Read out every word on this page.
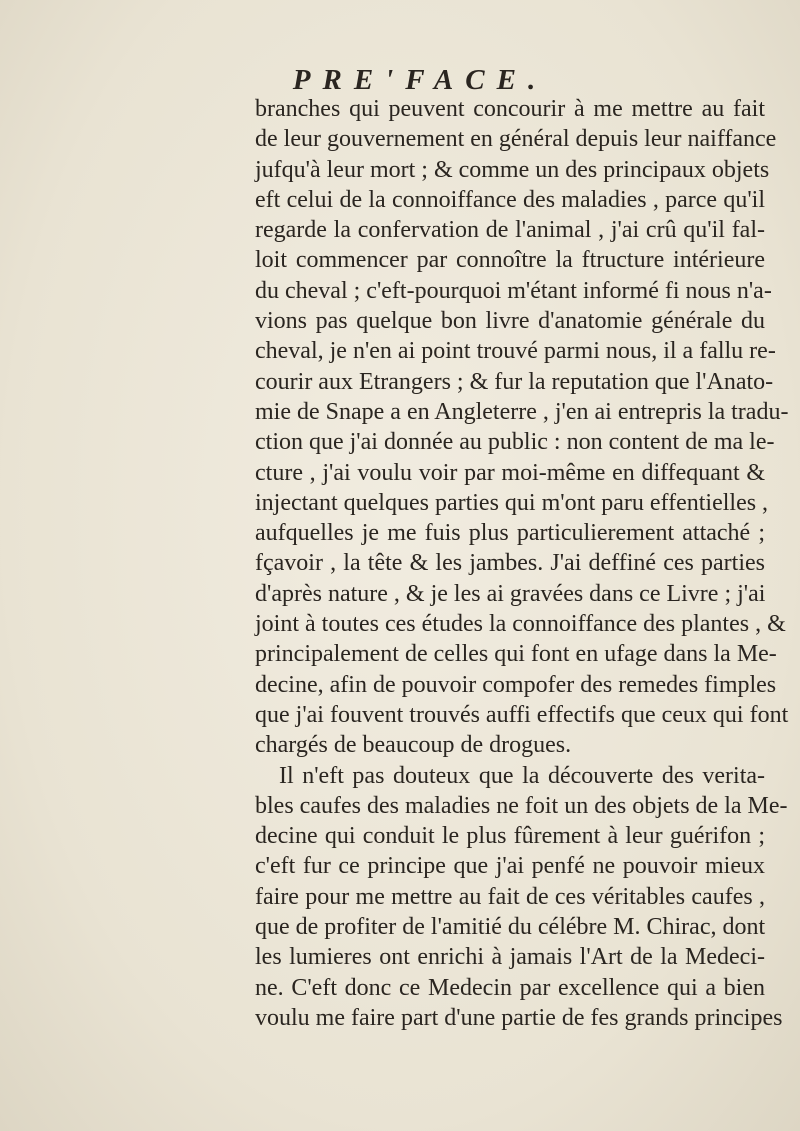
PRE'FACE.
branches qui peuvent concourir à me mettre au fait
de leur gouvernement en général depuis leur naiffance
jufqu'à leur mort ; & comme un des principaux objets
eft celui de la connoiffance des maladies , parce qu'il
regarde la confervation de l'animal , j'ai crû qu'il fal-
loit commencer par connoître la ftructure intérieure
du cheval ; c'eft-pourquoi m'étant informé fi nous n'a-
vions pas quelque bon livre d'anatomie générale du
cheval, je n'en ai point trouvé parmi nous, il a fallu re-
courir aux Etrangers ; & fur la reputation que l'Anato-
mie de Snape a en Angleterre , j'en ai entrepris la tradu-
ction que j'ai donnée au public : non content de ma le-
cture , j'ai voulu voir par moi-même en diffequant &
injectant quelques parties qui m'ont paru effentielles ,
aufquelles je me fuis plus particulierement attaché ;
fçavoir , la tête & les jambes. J'ai deffiné ces parties
d'après nature , & je les ai gravées dans ce Livre ; j'ai
joint à toutes ces études la connoiffance des plantes , &
principalement de celles qui font en ufage dans la Me-
decine, afin de pouvoir compofer des remedes fimples
que j'ai fouvent trouvés auffi effectifs que ceux qui font
chargés de beaucoup de drogues.
Il n'eft pas douteux que la découverte des verita-
bles caufes des maladies ne foit un des objets de la Me-
decine qui conduit le plus fûrement à leur guérifon ;
c'eft fur ce principe que j'ai penfé ne pouvoir mieux
faire pour me mettre au fait de ces véritables caufes ,
que de profiter de l'amitié du célébre M. Chirac, dont
les lumieres ont enrichi à jamais l'Art de la Medeci-
ne. C'eft donc ce Medecin par excellence qui a bien
voulu me faire part d'une partie de fes grands principes
